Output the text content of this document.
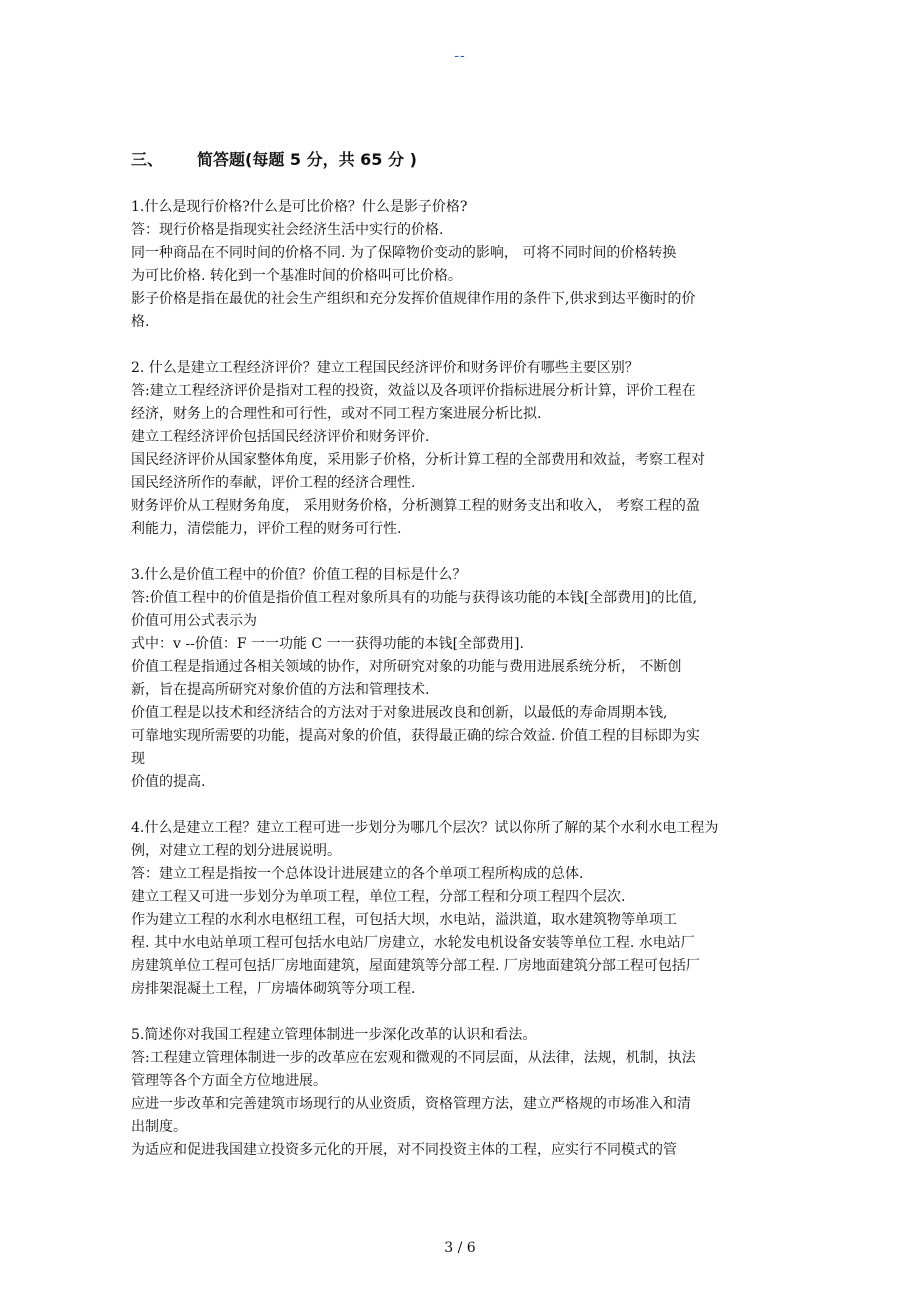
--
三、 简答题(每题 5 分，共 65 分 )

1.什么是现行价格?什么是可比价格？什么是影子价格?

答：现行价格是指现实社会经济生活中实行的价格.

同一种商品在不同时间的价格不同. 为了保障物价变动的影响， 可将不同时间的价格转换

为可比价格. 转化到一个基准时间的价格叫可比价格。

影子价格是指在最优的社会生产组织和充分发挥价值规律作用的条件下,供求到达平衡时的价

格.

2. 什么是建立工程经济评价？建立工程国民经济评价和财务评价有哪些主要区别？

答:建立工程经济评价是指对工程的投资，效益以及各项评价指标进展分析计算，评价工程在

经济，财务上的合理性和可行性，或对不同工程方案进展分析比拟.

建立工程经济评价包括国民经济评价和财务评价.

国民经济评价从国家整体角度，采用影子价格，分析计算工程的全部费用和效益，考察工程对

国民经济所作的奉献，评价工程的经济合理性.

财务评价从工程财务角度， 采用财务价格，分析测算工程的财务支出和收入， 考察工程的盈

利能力，清偿能力，评价工程的财务可行性.

3.什么是价值工程中的价值？价值工程的目标是什么？

答:价值工程中的价值是指价值工程对象所具有的功能与获得该功能的本钱[全部费用]的比值,

价值可用公式表示为

式中：v --价值：F 一一功能 C 一一获得功能的本钱[全部费用].

价值工程是指通过各相关领域的协作，对所研究对象的功能与费用进展系统分析， 不断创

新，旨在提高所研究对象价值的方法和管理技术.

价值工程是以技术和经济结合的方法对于对象进展改良和创新，以最低的寿命周期本钱,

可靠地实现所需要的功能，提高对象的价值，获得最正确的综合效益. 价值工程的目标即为实

现

价值的提高.

4.什么是建立工程？建立工程可进一步划分为哪几个层次？试以你所了解的某个水利水电工程为

例，对建立工程的划分进展说明。

答：建立工程是指按一个总体设计进展建立的各个单项工程所构成的总体.

建立工程又可进一步划分为单项工程，单位工程，分部工程和分项工程四个层次.

作为建立工程的水利水电枢纽工程，可包括大坝，水电站，溢洪道，取水建筑物等单项工

程. 其中水电站单项工程可包括水电站厂房建立，水轮发电机设备安装等单位工程. 水电站厂

房建筑单位工程可包括厂房地面建筑，屋面建筑等分部工程. 厂房地面建筑分部工程可包括厂

房排架混凝土工程，厂房墙体砌筑等分项工程.

5.简述你对我国工程建立管理体制进一步深化改革的认识和看法。

答:工程建立管理体制进一步的改革应在宏观和微观的不同层面，从法律，法规，机制，执法

管理等各个方面全方位地进展。

应进一步改革和完善建筑市场现行的从业资质，资格管理方法，建立严格规的市场准入和清

出制度。

为适应和促进我国建立投资多元化的开展，对不同投资主体的工程，应实行不同模式的管

3 / 6
